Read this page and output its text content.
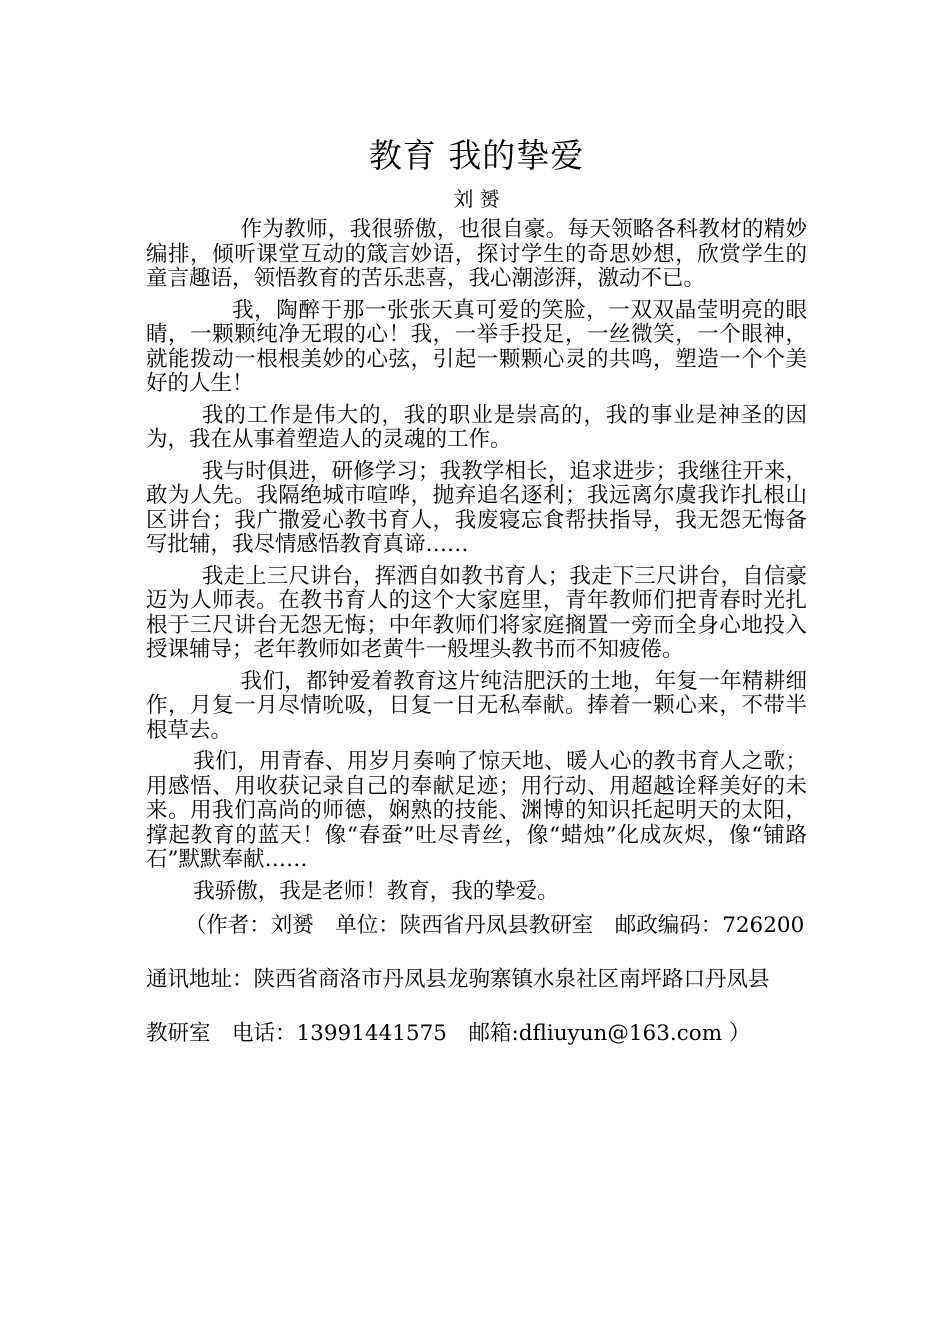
教育 我的挚爱
刘 赟

作为教师，我很骄傲，也很自豪。每天领略各科教材的精妙编排，倾听课堂互动的箴言妙语，探讨学生的奇思妙想，欣赏学生的童言趣语，领悟教育的苦乐悲喜，我心潮澎湃，激动不已。

我，陶醉于那一张张天真可爱的笑脸，一双双晶莹明亮的眼睛，一颗颗纯净无瑕的心！我，一举手投足，一丝微笑，一个眼神，就能拨动一根根美妙的心弦，引起一颗颗心灵的共鸣，塑造一个个美好的人生！

我的工作是伟大的，我的职业是崇高的，我的事业是神圣的因为，我在从事着塑造人的灵魂的工作。

我与时俱进，研修学习；我教学相长，追求进步；我继往开来，敢为人先。我隔绝城市喧哗，抛弃追名逐利；我远离尔虞我诈扎根山区讲台；我广撒爱心教书育人，我废寝忘食帮扶指导，我无怨无悔备写批辅，我尽情感悟教育真谛……

我走上三尺讲台，挥洒自如教书育人；我走下三尺讲台，自信豪迈为人师表。在教书育人的这个大家庭里，青年教师们把青春时光扎根于三尺讲台无怨无悔；中年教师们将家庭搁置一旁而全身心地投入授课辅导；老年教师如老黄牛一般埋头教书而不知疲倦。

我们，都钟爱着教育这片纯洁肥沃的土地，年复一年精耕细作，月复一月尽情吮吸，日复一日无私奉献。捧着一颗心来，不带半根草去。

我们，用青春、用岁月奏响了惊天地、暖人心的教书育人之歌；用感悟、用收获记录自己的奉献足迹；用行动、用超越诠释美好的未来。用我们高尚的师德，娴熟的技能、渊博的知识托起明天的太阳，撑起教育的蓝天！像“春蚕”吐尽青丝，像“蜡烛”化成灰烬，像“铺路石”默默奉献……

我骄傲，我是老师！教育，我的挚爱。

（作者：刘赟　单位：陕西省丹凤县教研室　邮政编码：726200

通讯地址：陕西省商洛市丹凤县龙驹寨镇水泉社区南坪路口丹凤县

教研室　电话：13991441575　邮箱:dfliuyun@163.com ）
